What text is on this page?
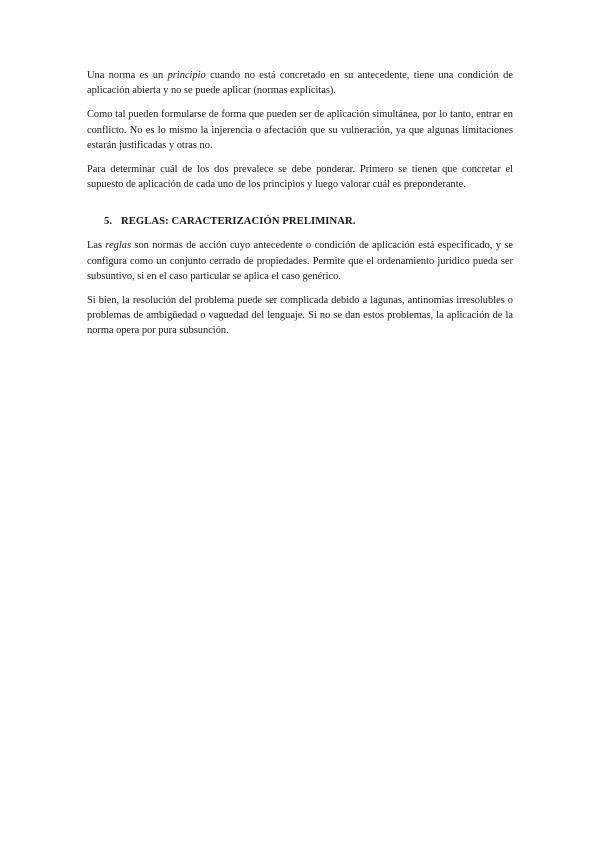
Una norma es un principio cuando no está concretado en su antecedente, tiene una condición de aplicación abierta y no se puede aplicar (normas explícitas).

Como tal pueden formularse de forma que pueden ser de aplicación simultánea, por lo tanto, entrar en conflicto. No es lo mismo la injerencia o afectación que su vulneración, ya que algunas limitaciones estarán justificadas y otras no.

Para determinar cuál de los dos prevalece se debe ponderar. Primero se tienen que concretar el supuesto de aplicación de cada uno de los principios y luego valorar cuál es preponderante.

5. REGLAS: CARACTERIZACIÓN PRELIMINAR.

Las reglas son normas de acción cuyo antecedente o condición de aplicación está especificado, y se configura como un conjunto cerrado de propiedades. Permite que el ordenamiento jurídico pueda ser subsuntivo, si en el caso particular se aplica el caso genérico.

Si bien, la resolución del problema puede ser complicada debido a lagunas, antinomias irresolubles o problemas de ambigüedad o vaguedad del lenguaje. Si no se dan estos problemas, la aplicación de la norma opera por pura subsunción.
